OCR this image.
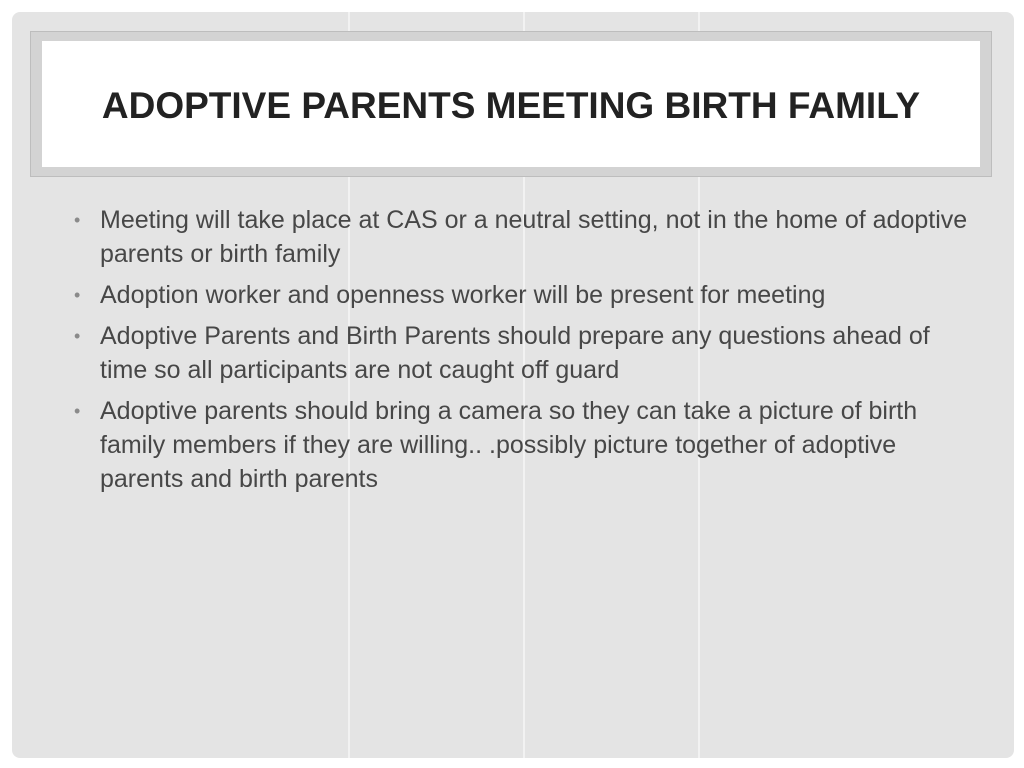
ADOPTIVE PARENTS MEETING BIRTH FAMILY
• Meeting will take place at CAS or a neutral setting, not in the home of adoptive parents or birth family
• Adoption worker and openness worker will be present for meeting
• Adoptive Parents and Birth Parents should prepare any questions ahead of time so all participants are not caught off guard
• Adoptive parents should bring a camera so they can take a picture of birth family members if they are willing.. .possibly picture together of adoptive parents and birth parents
